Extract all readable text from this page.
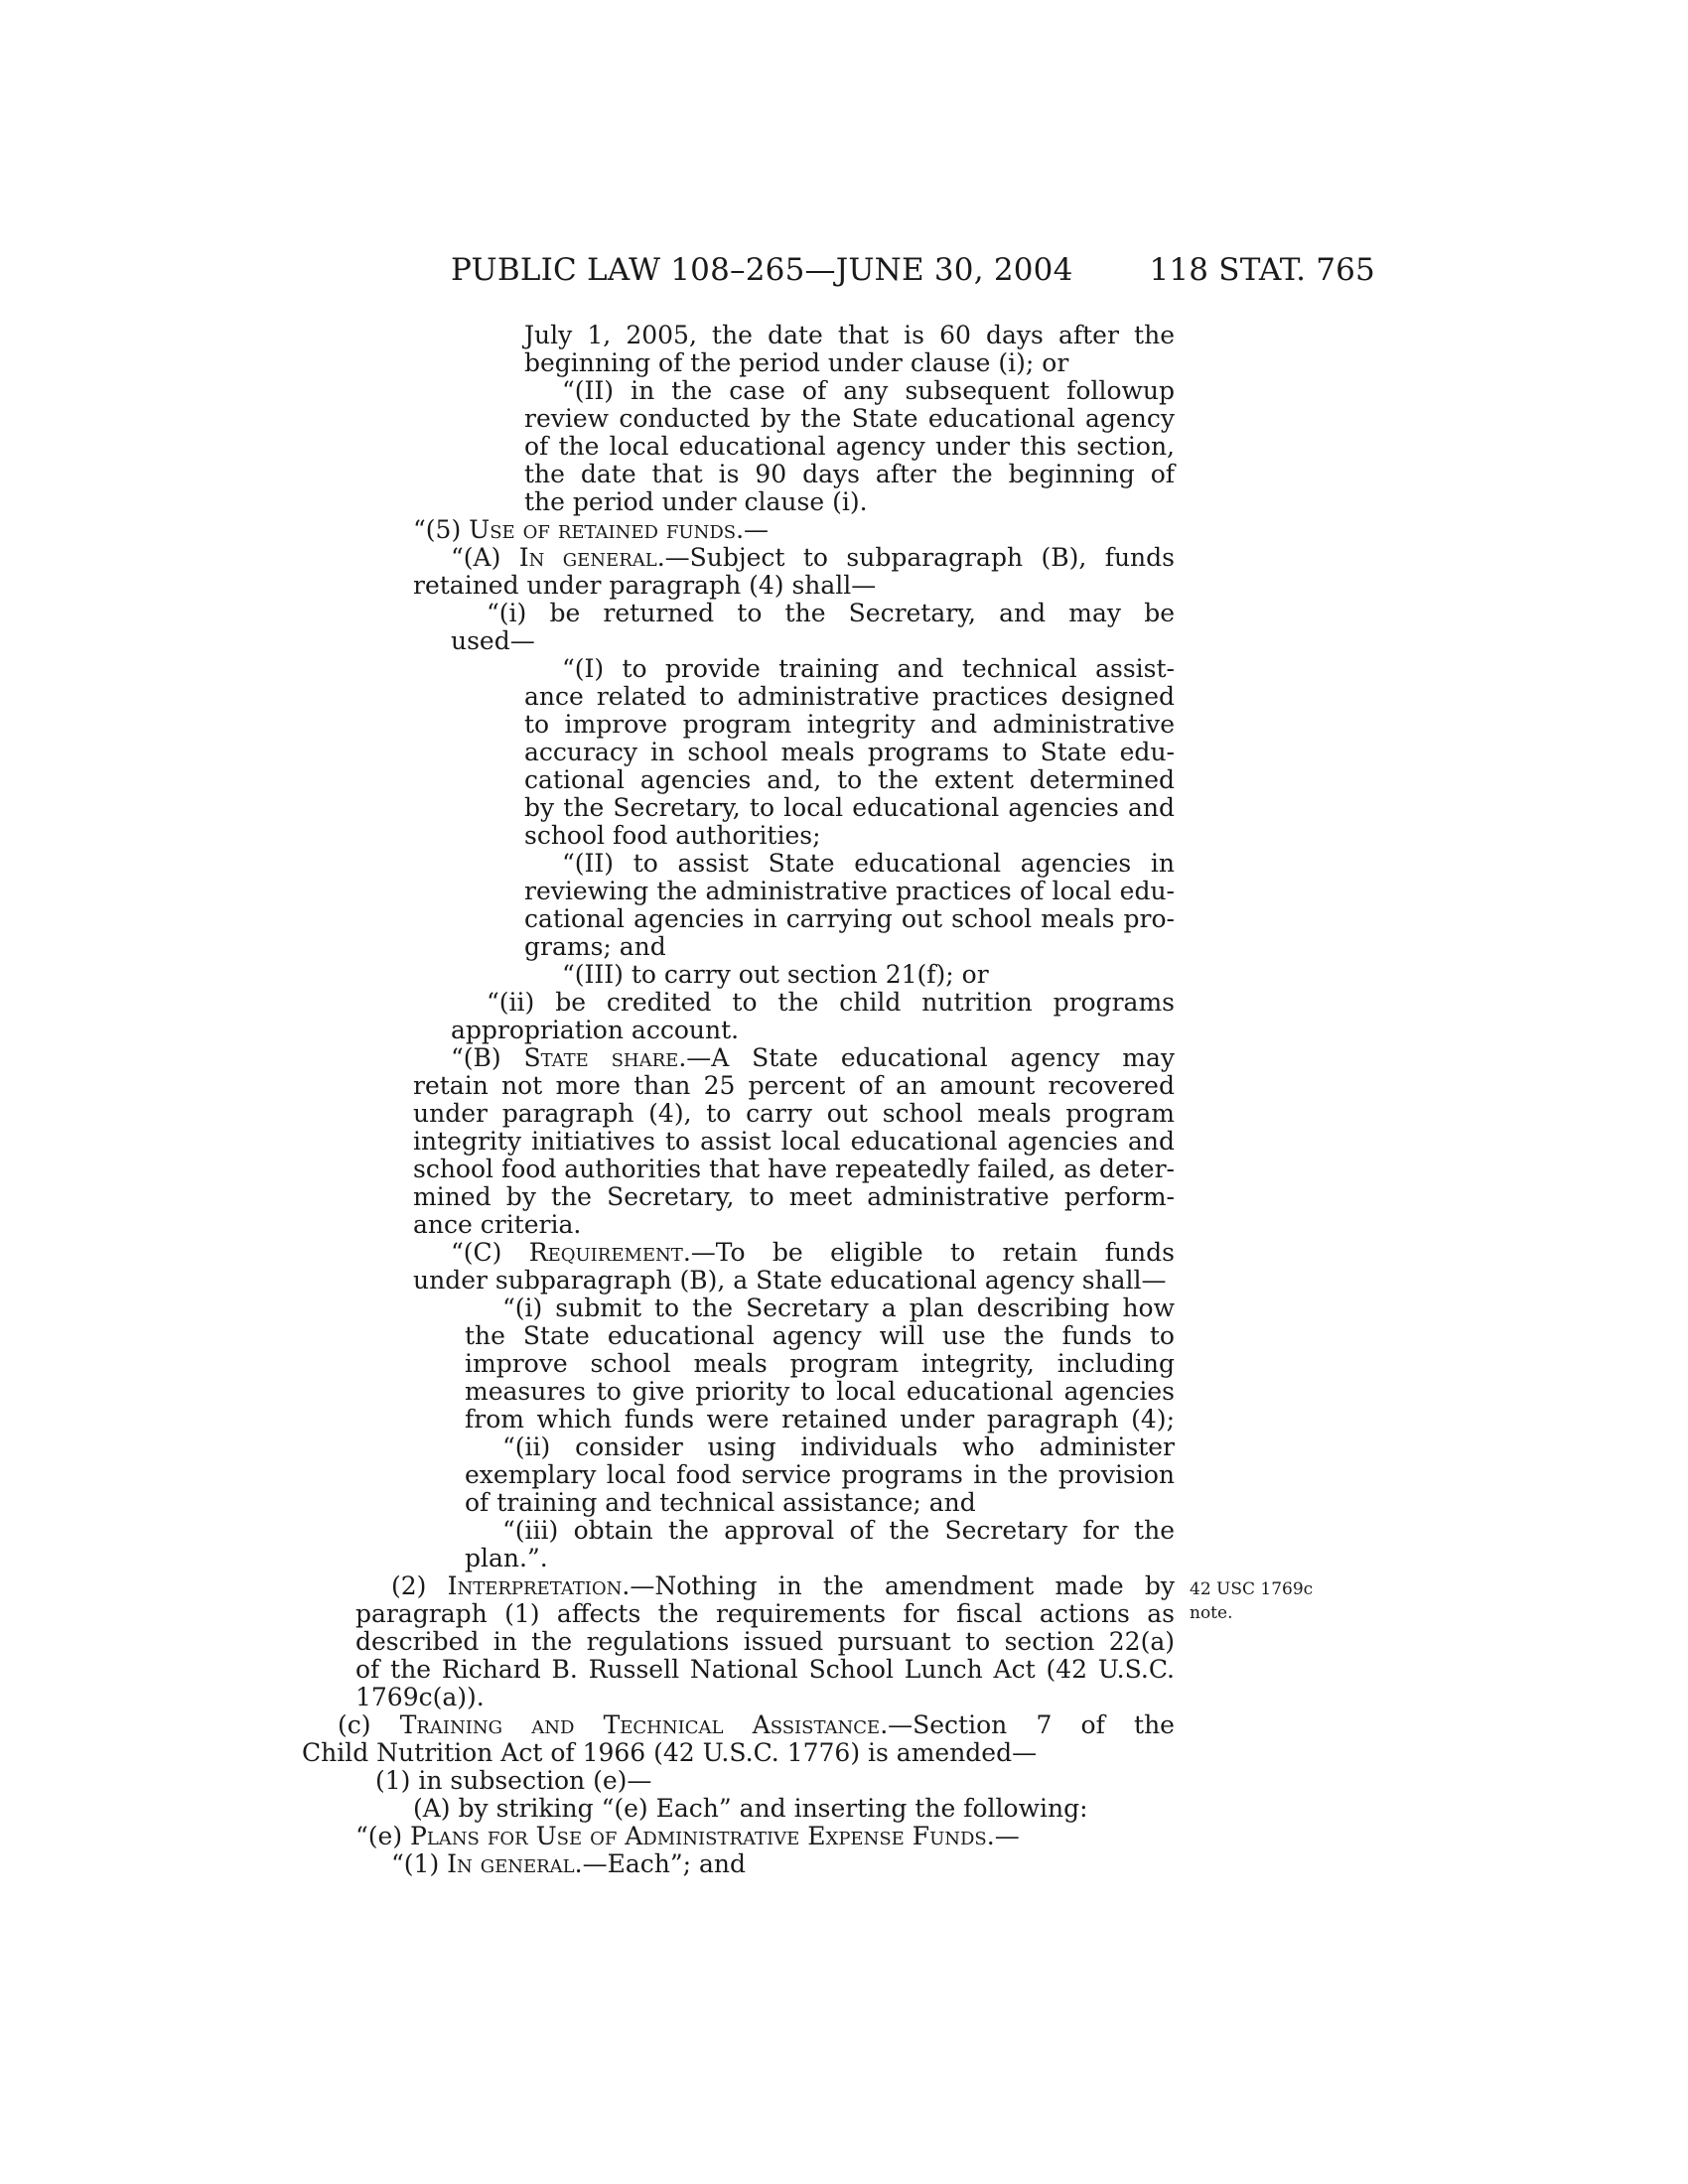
PUBLIC LAW 108–265—JUNE 30, 2004 118 STAT. 765
July 1, 2005, the date that is 60 days after the
beginning of the period under clause (i); or
“(II) in the case of any subsequent followup
review conducted by the State educational agency
of the local educational agency under this section,
the date that is 90 days after the beginning of
the period under clause (i).
“(5) Use of retained funds.—
“(A) In general.—Subject to subparagraph (B), funds
retained under paragraph (4) shall—
“(i) be returned to the Secretary, and may be
used—
“(I) to provide training and technical assist-
ance related to administrative practices designed
to improve program integrity and administrative
accuracy in school meals programs to State edu-
cational agencies and, to the extent determined
by the Secretary, to local educational agencies and
school food authorities;
“(II) to assist State educational agencies in
reviewing the administrative practices of local edu-
cational agencies in carrying out school meals pro-
grams; and
“(III) to carry out section 21(f); or
“(ii) be credited to the child nutrition programs
appropriation account.
“(B) State share.—A State educational agency may
retain not more than 25 percent of an amount recovered
under paragraph (4), to carry out school meals program
integrity initiatives to assist local educational agencies and
school food authorities that have repeatedly failed, as deter-
mined by the Secretary, to meet administrative perform-
ance criteria.
“(C) Requirement.—To be eligible to retain funds
under subparagraph (B), a State educational agency shall—
“(i) submit to the Secretary a plan describing how
the State educational agency will use the funds to
improve school meals program integrity, including
measures to give priority to local educational agencies
from which funds were retained under paragraph (4);
“(ii) consider using individuals who administer
exemplary local food service programs in the provision
of training and technical assistance; and
“(iii) obtain the approval of the Secretary for the
plan.”.
(2) Interpretation.—Nothing in the amendment made by
paragraph (1) affects the requirements for fiscal actions as
described in the regulations issued pursuant to section 22(a)
of the Richard B. Russell National School Lunch Act (42 U.S.C.
1769c(a)).
(c) Training and Technical Assistance.—Section 7 of the
Child Nutrition Act of 1966 (42 U.S.C. 1776) is amended—
(1) in subsection (e)—
(A) by striking “(e) Each” and inserting the following:
“(e) Plans for Use of Administrative Expense Funds.—
“(1) In general.—Each”; and
42 USC 1769c
note.
